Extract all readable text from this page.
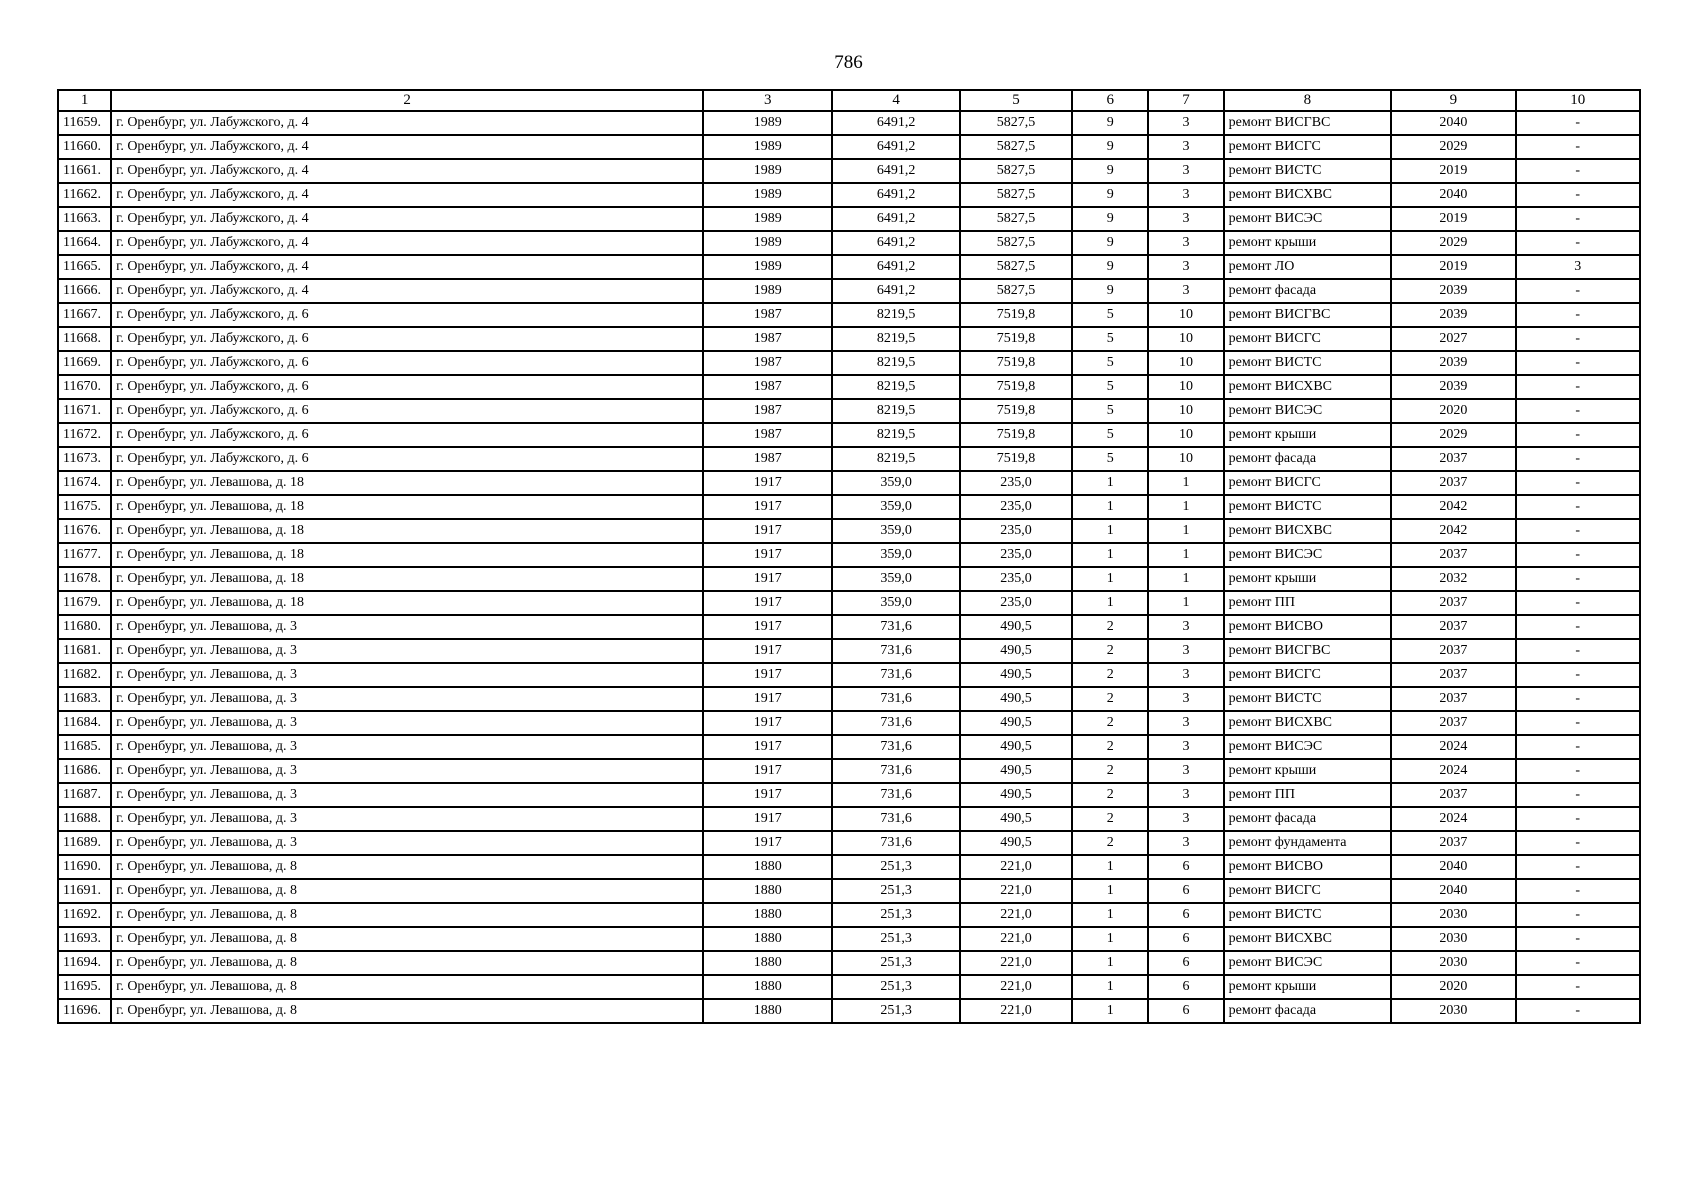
786
1	2	3	4	5	6	7	8	9	10
11659.	г. Оренбург, ул. Лабужского, д. 4	1989	6491,2	5827,5	9	3	ремонт ВИСГВС	2040	-
11660.	г. Оренбург, ул. Лабужского, д. 4	1989	6491,2	5827,5	9	3	ремонт ВИСГС	2029	-
11661.	г. Оренбург, ул. Лабужского, д. 4	1989	6491,2	5827,5	9	3	ремонт ВИСТС	2019	-
11662.	г. Оренбург, ул. Лабужского, д. 4	1989	6491,2	5827,5	9	3	ремонт ВИСХВС	2040	-
11663.	г. Оренбург, ул. Лабужского, д. 4	1989	6491,2	5827,5	9	3	ремонт ВИСЭС	2019	-
11664.	г. Оренбург, ул. Лабужского, д. 4	1989	6491,2	5827,5	9	3	ремонт крыши	2029	-
11665.	г. Оренбург, ул. Лабужского, д. 4	1989	6491,2	5827,5	9	3	ремонт ЛО	2019	3
11666.	г. Оренбург, ул. Лабужского, д. 4	1989	6491,2	5827,5	9	3	ремонт фасада	2039	-
11667.	г. Оренбург, ул. Лабужского, д. 6	1987	8219,5	7519,8	5	10	ремонт ВИСГВС	2039	-
11668.	г. Оренбург, ул. Лабужского, д. 6	1987	8219,5	7519,8	5	10	ремонт ВИСГС	2027	-
11669.	г. Оренбург, ул. Лабужского, д. 6	1987	8219,5	7519,8	5	10	ремонт ВИСТС	2039	-
11670.	г. Оренбург, ул. Лабужского, д. 6	1987	8219,5	7519,8	5	10	ремонт ВИСХВС	2039	-
11671.	г. Оренбург, ул. Лабужского, д. 6	1987	8219,5	7519,8	5	10	ремонт ВИСЭС	2020	-
11672.	г. Оренбург, ул. Лабужского, д. 6	1987	8219,5	7519,8	5	10	ремонт крыши	2029	-
11673.	г. Оренбург, ул. Лабужского, д. 6	1987	8219,5	7519,8	5	10	ремонт фасада	2037	-
11674.	г. Оренбург, ул. Левашова, д. 18	1917	359,0	235,0	1	1	ремонт ВИСГС	2037	-
11675.	г. Оренбург, ул. Левашова, д. 18	1917	359,0	235,0	1	1	ремонт ВИСТС	2042	-
11676.	г. Оренбург, ул. Левашова, д. 18	1917	359,0	235,0	1	1	ремонт ВИСХВС	2042	-
11677.	г. Оренбург, ул. Левашова, д. 18	1917	359,0	235,0	1	1	ремонт ВИСЭС	2037	-
11678.	г. Оренбург, ул. Левашова, д. 18	1917	359,0	235,0	1	1	ремонт крыши	2032	-
11679.	г. Оренбург, ул. Левашова, д. 18	1917	359,0	235,0	1	1	ремонт ПП	2037	-
11680.	г. Оренбург, ул. Левашова, д. 3	1917	731,6	490,5	2	3	ремонт ВИСВО	2037	-
11681.	г. Оренбург, ул. Левашова, д. 3	1917	731,6	490,5	2	3	ремонт ВИСГВС	2037	-
11682.	г. Оренбург, ул. Левашова, д. 3	1917	731,6	490,5	2	3	ремонт ВИСГС	2037	-
11683.	г. Оренбург, ул. Левашова, д. 3	1917	731,6	490,5	2	3	ремонт ВИСТС	2037	-
11684.	г. Оренбург, ул. Левашова, д. 3	1917	731,6	490,5	2	3	ремонт ВИСХВС	2037	-
11685.	г. Оренбург, ул. Левашова, д. 3	1917	731,6	490,5	2	3	ремонт ВИСЭС	2024	-
11686.	г. Оренбург, ул. Левашова, д. 3	1917	731,6	490,5	2	3	ремонт крыши	2024	-
11687.	г. Оренбург, ул. Левашова, д. 3	1917	731,6	490,5	2	3	ремонт ПП	2037	-
11688.	г. Оренбург, ул. Левашова, д. 3	1917	731,6	490,5	2	3	ремонт фасада	2024	-
11689.	г. Оренбург, ул. Левашова, д. 3	1917	731,6	490,5	2	3	ремонт фундамента	2037	-
11690.	г. Оренбург, ул. Левашова, д. 8	1880	251,3	221,0	1	6	ремонт ВИСВО	2040	-
11691.	г. Оренбург, ул. Левашова, д. 8	1880	251,3	221,0	1	6	ремонт ВИСГС	2040	-
11692.	г. Оренбург, ул. Левашова, д. 8	1880	251,3	221,0	1	6	ремонт ВИСТС	2030	-
11693.	г. Оренбург, ул. Левашова, д. 8	1880	251,3	221,0	1	6	ремонт ВИСХВС	2030	-
11694.	г. Оренбург, ул. Левашова, д. 8	1880	251,3	221,0	1	6	ремонт ВИСЭС	2030	-
11695.	г. Оренбург, ул. Левашова, д. 8	1880	251,3	221,0	1	6	ремонт крыши	2020	-
11696.	г. Оренбург, ул. Левашова, д. 8	1880	251,3	221,0	1	6	ремонт фасада	2030	-
